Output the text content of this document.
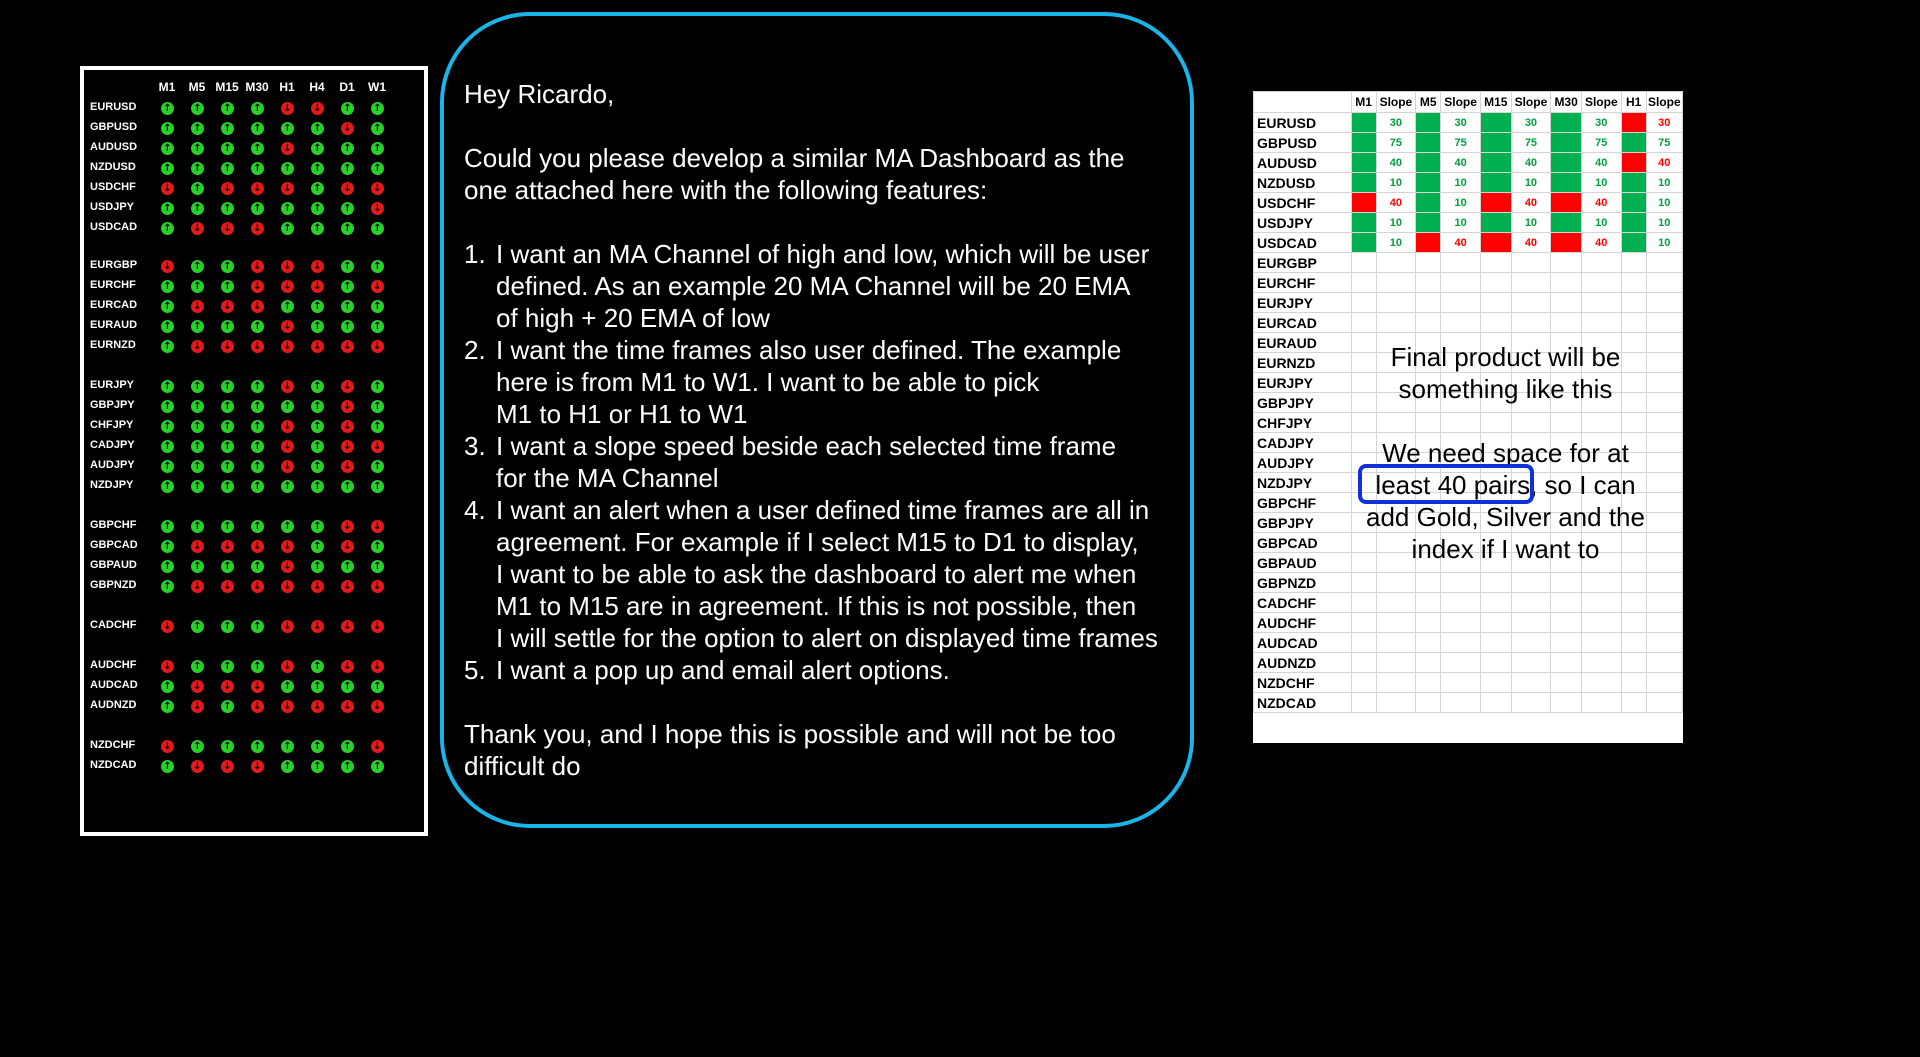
M1	M5 M15 M30 H1	H4	D1	W1
EURUSD	↑ ↑ ↑ ↑ ↓ ↓ ↑ ↑
GBPUSD	↑ ↑ ↑ ↑ ↑ ↑ ↓ ↑
AUDUSD	↑ ↑ ↑ ↑ ↓ ↑ ↑ ↑
NZDUSD	↑ ↑ ↑ ↑ ↑ ↑ ↑ ↑
USDCHF	↓ ↑ ↓ ↓ ↓ ↑ ↓ ↓
USDJPY	↑ ↑ ↑ ↑ ↑ ↑ ↑ ↓
USDCAD	↑ ↓ ↓ ↓ ↑ ↑ ↑ ↑
EURGBP	↓ ↑ ↑ ↓ ↓ ↓ ↑ ↑
EURCHF	↑ ↑ ↑ ↓ ↓ ↓ ↑ ↓
EURCAD	↑ ↓ ↓ ↓ ↑ ↑ ↑ ↑
EURAUD	↑ ↑ ↑ ↑ ↓ ↑ ↑ ↑
EURNZD	↑ ↓ ↓ ↓ ↓ ↓ ↓ ↓
EURJPY	↑ ↑ ↑ ↑ ↓ ↑ ↓ ↑
GBPJPY	↑ ↑ ↑ ↑ ↑ ↑ ↓ ↑
CHFJPY	↑ ↑ ↑ ↑ ↓ ↑ ↓ ↑
CADJPY	↑ ↑ ↑ ↑ ↓ ↑ ↓ ↓
AUDJPY	↑ ↑ ↑ ↑ ↓ ↑ ↓ ↑
NZDJPY	↑ ↑ ↑ ↑ ↑ ↑ ↑ ↑
GBPCHF	↑ ↑ ↑ ↑ ↑ ↑ ↓ ↓
GBPCAD	↑ ↓ ↓ ↓ ↓ ↑ ↓ ↑
GBPAUD	↑ ↑ ↑ ↑ ↓ ↑ ↑ ↑
GBPNZD	↑ ↓ ↓ ↓ ↓ ↓ ↓ ↓
CADCHF	↓ ↑ ↑ ↑ ↓ ↓ ↓ ↓
AUDCHF	↓ ↑ ↑ ↑ ↓ ↑ ↓ ↓
AUDCAD	↑ ↓ ↓ ↓ ↑ ↑ ↑ ↑
AUDNZD	↑ ↓ ↑ ↓ ↓ ↓ ↓ ↓
NZDCHF	↓ ↑ ↑ ↑ ↑ ↑ ↑ ↓
NZDCAD	↑ ↓ ↓ ↓ ↑ ↑ ↑ ↑

Hey Ricardo,

Could you please develop a similar MA Dashboard as the

one attached here with the following features:

1. I want an MA Channel of high and low, which will be user
defined. As an example 20 MA Channel will be 20 EMA
of high + 20 EMA of low
2. I want the time frames also user defined. The example
here is from M1 to W1. I want to be able to pick
M1 to H1 or H1 to W1
3. I want a slope speed beside each selected time frame
for the MA Channel
4. I want an alert when a user defined time frames are all in
agreement. For example if I select M15 to D1 to display,
I want to be able to ask the dashboard to alert me when
M1 to M15 are in agreement. If this is not possible, then
I will settle for the option to alert on displayed time frames
5. I want a pop up and email alert options.

Thank you, and I hope this is possible and will not be too

difficult do

	M1	Slope	M5	Slope	M15	Slope	M30	Slope	H1	Slope
EURUSD		30		30		30		30		30
GBPUSD		75		75		75		75		75
AUDUSD		40		40		40		40		40
NZDUSD		10		10		10		10		10
USDCHF		40		10		40		40		10
USDJPY		10		10		10		10		10
USDCAD		10		40		40		40		10
EURGBP										
EURCHF										
EURJPY										
EURCAD										
EURAUD										
EURNZD										
EURJPY										
GBPJPY										
CHFJPY										
CADJPY										
AUDJPY										
NZDJPY										
GBPCHF										
GBPJPY										
GBPCAD										
GBPAUD										
GBPNZD										
CADCHF										
AUDCHF										
AUDCAD										
AUDNZD										
NZDCHF										
NZDCAD										
Final product will be
something like this
We need space for at
least 40 pairs, so I can
add Gold, Silver and the
index if I want to
